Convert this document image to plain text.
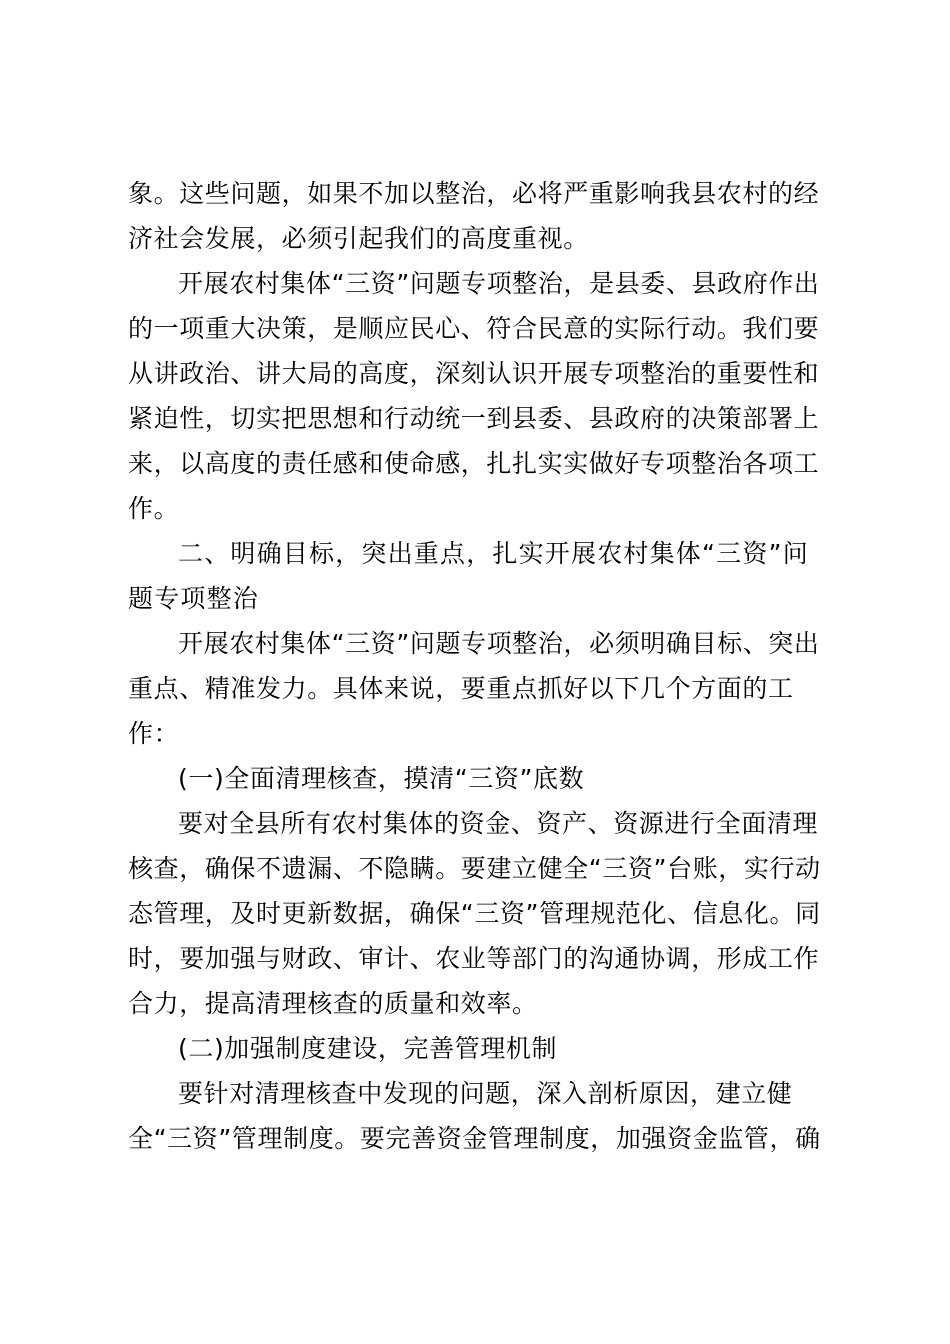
象。这些问题，如果不加以整治，必将严重影响我县农村的经
济社会发展，必须引起我们的高度重视。
开展农村集体“三资”问题专项整治，是县委、县政府作出
的一项重大决策，是顺应民心、符合民意的实际行动。我们要
从讲政治、讲大局的高度，深刻认识开展专项整治的重要性和
紧迫性，切实把思想和行动统一到县委、县政府的决策部署上
来，以高度的责任感和使命感，扎扎实实做好专项整治各项工
作。
二、明确目标，突出重点，扎实开展农村集体“三资”问
题专项整治
开展农村集体“三资”问题专项整治，必须明确目标、突出
重点、精准发力。具体来说，要重点抓好以下几个方面的工
作：
(一)全面清理核查，摸清“三资”底数
要对全县所有农村集体的资金、资产、资源进行全面清理
核查，确保不遗漏、不隐瞒。要建立健全“三资”台账，实行动
态管理，及时更新数据，确保“三资”管理规范化、信息化。同
时，要加强与财政、审计、农业等部门的沟通协调，形成工作
合力，提高清理核查的质量和效率。
(二)加强制度建设，完善管理机制
要针对清理核查中发现的问题，深入剖析原因，建立健
全“三资”管理制度。要完善资金管理制度，加强资金监管，确
